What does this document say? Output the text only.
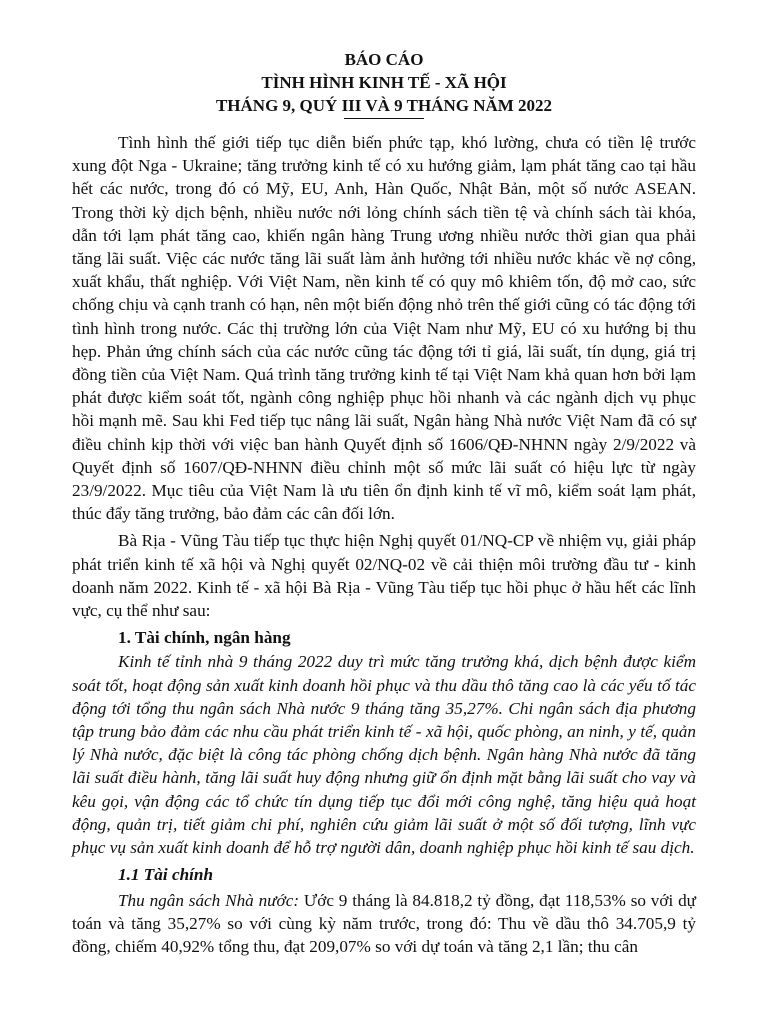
BÁO CÁO
TÌNH HÌNH KINH TẾ - XÃ HỘI
THÁNG 9, QUÝ III VÀ 9 THÁNG NĂM 2022

Tình hình thế giới tiếp tục diễn biến phức tạp, khó lường, chưa có tiền lệ trước xung đột Nga - Ukraine; tăng trưởng kinh tế có xu hướng giảm, lạm phát tăng cao tại hầu hết các nước, trong đó có Mỹ, EU, Anh, Hàn Quốc, Nhật Bản, một số nước ASEAN. Trong thời kỳ dịch bệnh, nhiều nước nới lỏng chính sách tiền tệ và chính sách tài khóa, dẫn tới lạm phát tăng cao, khiến ngân hàng Trung ương nhiều nước thời gian qua phải tăng lãi suất. Việc các nước tăng lãi suất làm ảnh hưởng tới nhiều nước khác về nợ công, xuất khẩu, thất nghiệp. Với Việt Nam, nền kinh tế có quy mô khiêm tốn, độ mở cao, sức chống chịu và cạnh tranh có hạn, nên một biến động nhỏ trên thế giới cũng có tác động tới tình hình trong nước. Các thị trường lớn của Việt Nam như Mỹ, EU có xu hướng bị thu hẹp. Phản ứng chính sách của các nước cũng tác động tới tỉ giá, lãi suất, tín dụng, giá trị đồng tiền của Việt Nam. Quá trình tăng trưởng kinh tế tại Việt Nam khả quan hơn bởi lạm phát được kiểm soát tốt, ngành công nghiệp phục hồi nhanh và các ngành dịch vụ phục hồi mạnh mẽ. Sau khi Fed tiếp tục nâng lãi suất, Ngân hàng Nhà nước Việt Nam đã có sự điều chỉnh kịp thời với việc ban hành Quyết định số 1606/QĐ-NHNN ngày 2/9/2022 và Quyết định số 1607/QĐ-NHNN điều chỉnh một số mức lãi suất có hiệu lực từ ngày 23/9/2022. Mục tiêu của Việt Nam là ưu tiên ổn định kinh tế vĩ mô, kiểm soát lạm phát, thúc đẩy tăng trưởng, bảo đảm các cân đối lớn.

Bà Rịa - Vũng Tàu tiếp tục thực hiện Nghị quyết 01/NQ-CP về nhiệm vụ, giải pháp phát triển kinh tế xã hội và Nghị quyết 02/NQ-02 về cải thiện môi trường đầu tư - kinh doanh năm 2022. Kinh tế - xã hội Bà Rịa - Vũng Tàu tiếp tục hồi phục ở hầu hết các lĩnh vực, cụ thể như sau:

1. Tài chính, ngân hàng

Kinh tế tỉnh nhà 9 tháng 2022 duy trì mức tăng trưởng khá, dịch bệnh được kiểm soát tốt, hoạt động sản xuất kinh doanh hồi phục và thu dầu thô tăng cao là các yếu tố tác động tới tổng thu ngân sách Nhà nước 9 tháng tăng 35,27%. Chi ngân sách địa phương tập trung bảo đảm các nhu cầu phát triển kinh tế - xã hội, quốc phòng, an ninh, y tế, quản lý Nhà nước, đặc biệt là công tác phòng chống dịch bệnh. Ngân hàng Nhà nước đã tăng lãi suất điều hành, tăng lãi suất huy động nhưng giữ ổn định mặt bằng lãi suất cho vay và kêu gọi, vận động các tổ chức tín dụng tiếp tục đổi mới công nghệ, tăng hiệu quả hoạt động, quản trị, tiết giảm chi phí, nghiên cứu giảm lãi suất ở một số đối tượng, lĩnh vực phục vụ sản xuất kinh doanh để hỗ trợ người dân, doanh nghiệp phục hồi kinh tế sau dịch.

1.1 Tài chính

Thu ngân sách Nhà nước: Ước 9 tháng là 84.818,2 tỷ đồng, đạt 118,53% so với dự toán và tăng 35,27% so với cùng kỳ năm trước, trong đó: Thu về dầu thô 34.705,9 tỷ đồng, chiếm 40,92% tổng thu, đạt 209,07% so với dự toán và tăng 2,1 lần; thu cân
